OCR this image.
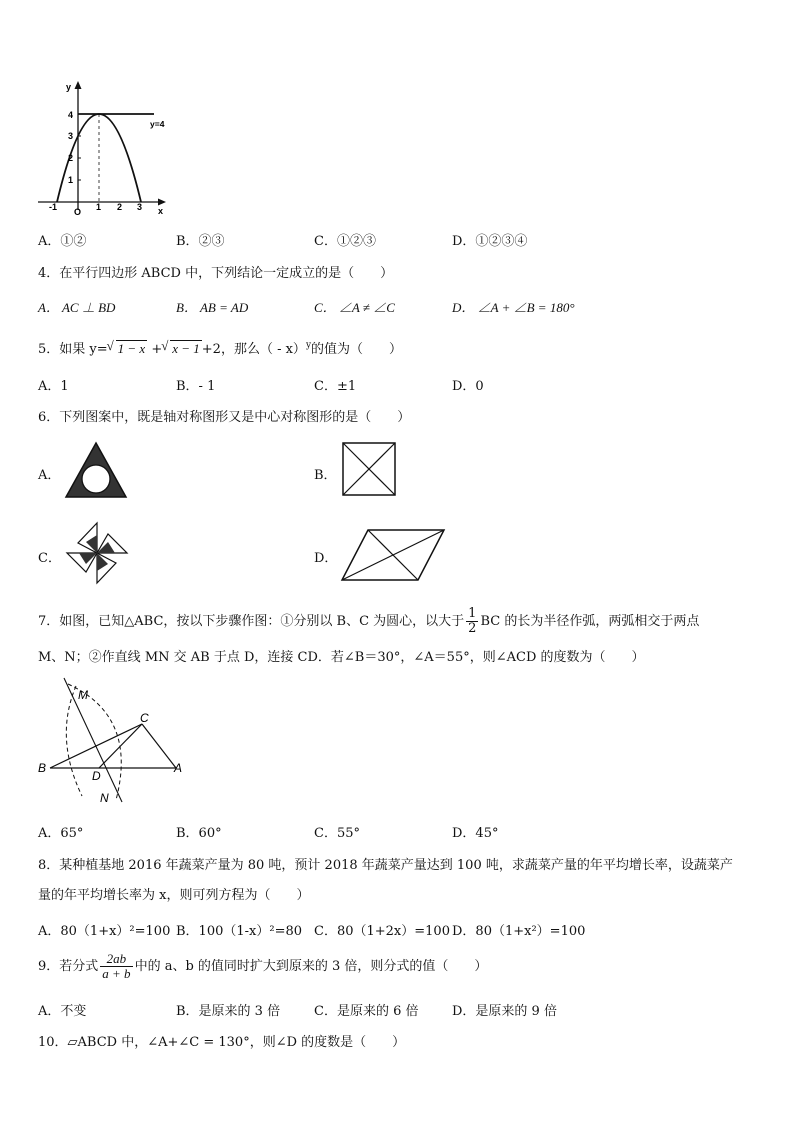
y
4
3
2
1
y=4
-1 O 1 2 3 x
A．①②	B．②③	C．①②③	D．①②③④
4．在平行四边形 ABCD 中，下列结论一定成立的是（　　）
A． AC ⊥ BD	B． AB = AD	C． ∠A ≠ ∠C	D． ∠A + ∠B = 180°
5．如果 y= √ 1 − x + √ x − 1 +2，那么（ - x）$^y$的值为（　　）
A．1	B．- 1	C．±1	D．0
6．下列图案中，既是轴对称图形又是中心对称图形的是（　　）
A．	B．
C．	D．
7．如图，已知△ABC，按以下步骤作图：①分别以 B、C 为圆心，以大于 $\frac{1}{2}$ BC 的长为半径作弧，两弧相交于两点
M、N；②作直线 MN 交 AB 于点 D，连接 CD．若∠B＝30°，∠A＝55°，则∠ACD 的度数为（　　）
M
C
B
D
A
N
A．65°	B．60°	C．55°	D．45°
8．某种植基地 2016 年蔬菜产量为 80 吨，预计 2018 年蔬菜产量达到 100 吨，求蔬菜产量的年平均增长率，设蔬菜产
量的年平均增长率为 x，则可列方程为（　　）
A．80（1+x）²=100 B．100（1-x）²=80 C．80（1+2x）=100 D．80（1+x²）=100
9．若分式 $\frac{2ab}{a + b}$ 中的 a、b 的值同时扩大到原来的 3 倍，则分式的值（　　）
A．不变	B．是原来的 3 倍	C．是原来的 6 倍	D．是原来的 9 倍
10．▱ABCD 中，∠A+∠C = 130°，则∠D 的度数是（　　）
